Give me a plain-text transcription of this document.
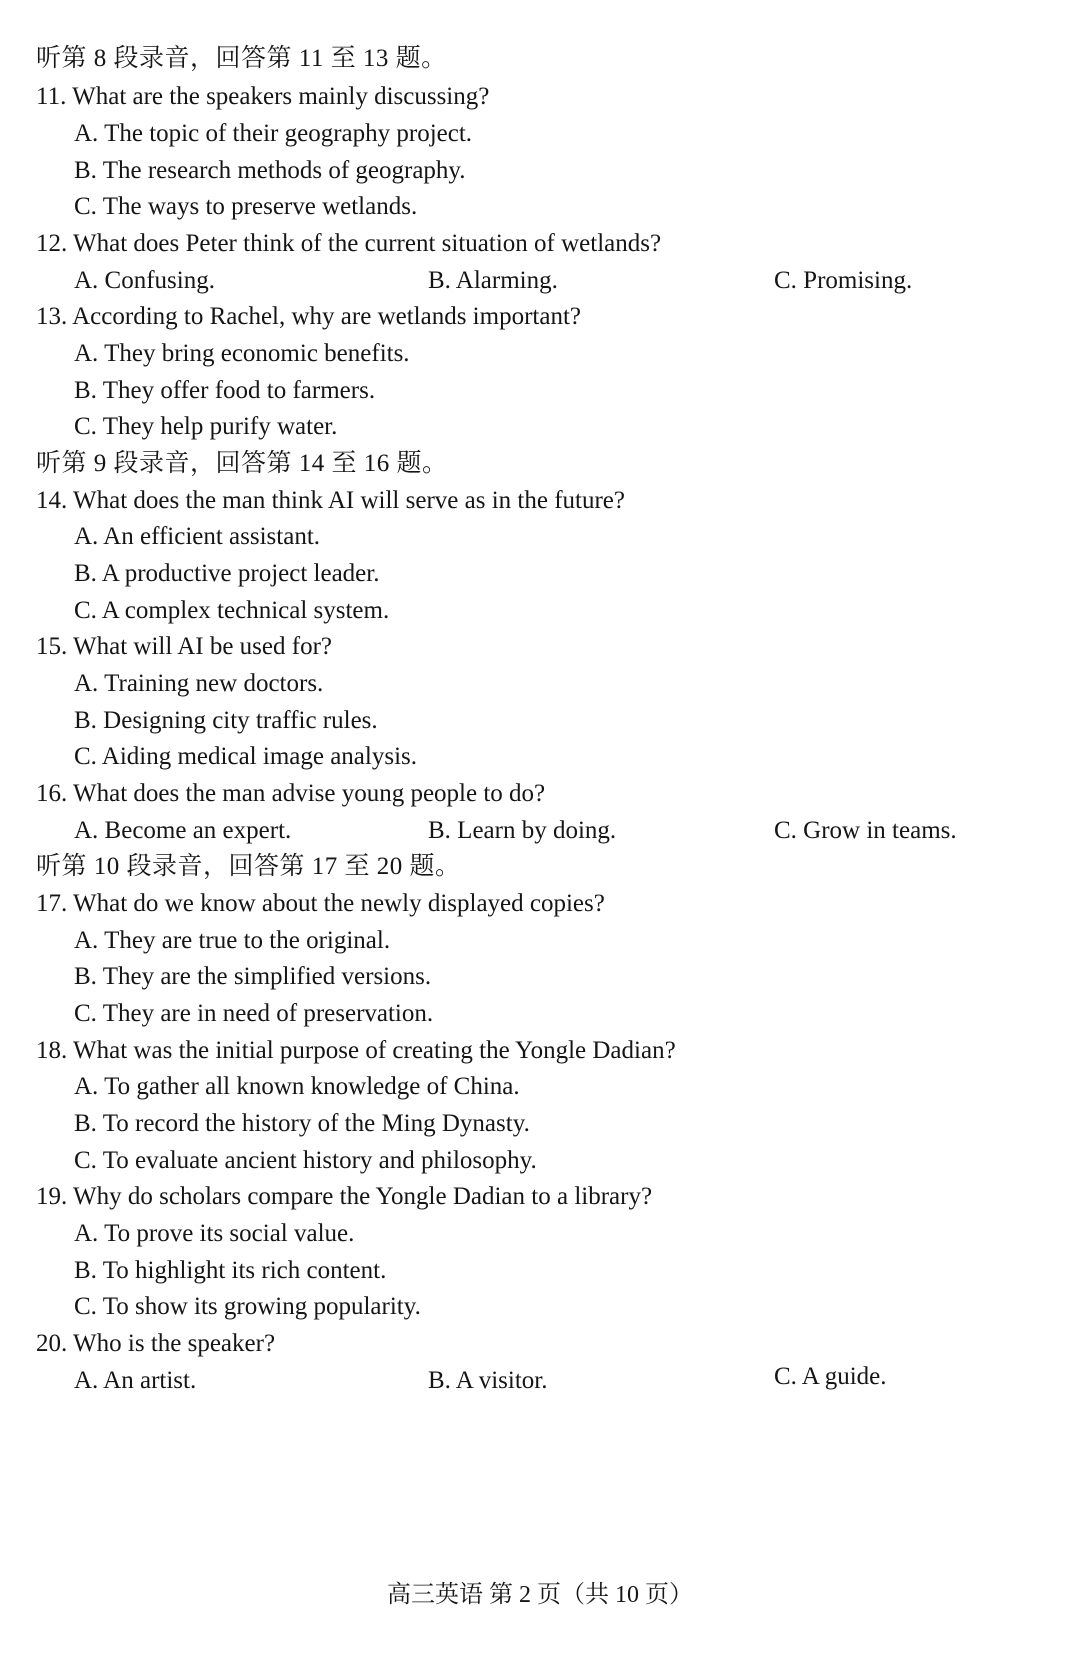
听第 8 段录音，回答第 11 至 13 题。
11. What are the speakers mainly discussing?
A. The topic of their geography project.
B. The research methods of geography.
C. The ways to preserve wetlands.
12. What does Peter think of the current situation of wetlands?
A. Confusing.	B. Alarming.	C. Promising.
13. According to Rachel, why are wetlands important?
A. They bring economic benefits.
B. They offer food to farmers.
C. They help purify water.
听第 9 段录音，回答第 14 至 16 题。
14. What does the man think AI will serve as in the future?
A. An efficient assistant.
B. A productive project leader.
C. A complex technical system.
15. What will AI be used for?
A. Training new doctors.
B. Designing city traffic rules.
C. Aiding medical image analysis.
16. What does the man advise young people to do?
A. Become an expert.	B. Learn by doing.	C. Grow in teams.
听第 10 段录音，回答第 17 至 20 题。
17. What do we know about the newly displayed copies?
A. They are true to the original.
B. They are the simplified versions.
C. They are in need of preservation.
18. What was the initial purpose of creating the Yongle Dadian?
A. To gather all known knowledge of China.
B. To record the history of the Ming Dynasty.
C. To evaluate ancient history and philosophy.
19. Why do scholars compare the Yongle Dadian to a library?
A. To prove its social value.
B. To highlight its rich content.
C. To show its growing popularity.
20. Who is the speaker?
A. An artist.	B. A visitor.	C. A guide.
高三英语 第 2 页（共 10 页）
